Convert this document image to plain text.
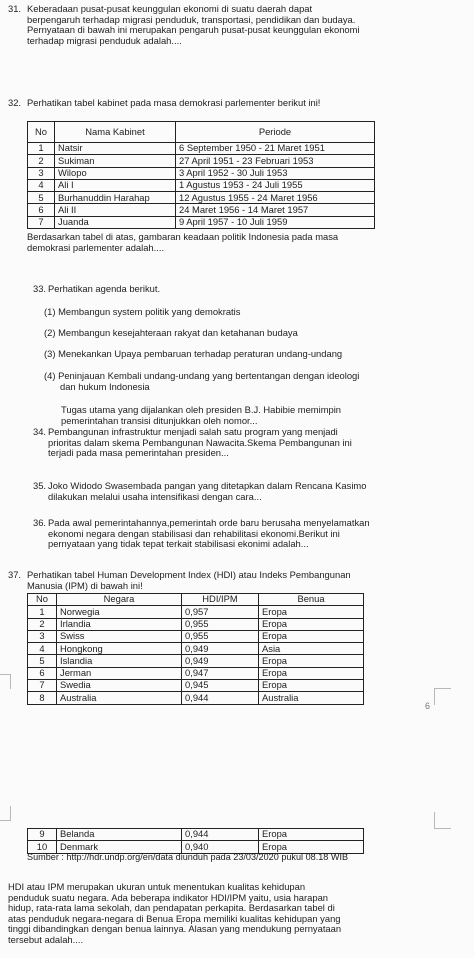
31. Keberadaan pusat-pusat keunggulan ekonomi di suatu daerah dapat
berpengaruh terhadap migrasi penduduk, transportasi, pendidikan dan budaya.
Pernyataan di bawah ini merupakan pengaruh pusat-pusat keunggulan ekonomi
terhadap migrasi penduduk adalah....
32. Perhatikan tabel kabinet pada masa demokrasi parlementer berikut ini!
No	Nama Kabinet	Periode
1	Natsir	6 September 1950 - 21 Maret 1951
2	Sukiman	27 April 1951 - 23 Februari 1953
3	Wilopo	3 April 1952 - 30 Juli 1953
4	Ali I	1 Agustus 1953 - 24 Juli 1955
5	Burhanuddin Harahap	12 Agustus 1955 - 24 Maret 1956
6	Ali II	24 Maret 1956 - 14 Maret 1957
7	Juanda	9 April 1957 - 10 Juli 1959
Berdasarkan tabel di atas, gambaran keadaan politik Indonesia pada masa
demokrasi parlementer adalah....
33. Perhatikan agenda berikut.
(1) Membangun system politik yang demokratis
(2) Membangun kesejahteraan rakyat dan ketahanan budaya
(3) Menekankan Upaya pembaruan terhadap peraturan undang-undang
(4) Peninjauan Kembali undang-undang yang bertentangan dengan ideologi
dan hukum Indonesia
Tugas utama yang dijalankan oleh presiden B.J. Habibie memimpin
pemerintahan transisi ditunjukkan oleh nomor...
34. Pembangunan infrastruktur menjadi salah satu program yang menjadi
prioritas dalam skema Pembangunan Nawacita.Skema Pembangunan ini
terjadi pada masa pemerintahan presiden...
35. Joko Widodo Swasembada pangan yang ditetapkan dalam Rencana Kasimo
dilakukan melalui usaha intensifikasi dengan cara...
36. Pada awal pemerintahannya,pemerintah orde baru berusaha menyelamatkan
ekonomi negara dengan stabilisasi dan rehabilitasi ekonomi.Berikut ini
pernyataan yang tidak tepat terkait stabilisasi ekonimi adalah...
37. Perhatikan tabel Human Development Index (HDI) atau Indeks Pembangunan
Manusia (IPM) di bawah ini!
No	Negara	HDI/IPM	Benua
1	Norwegia	0,957	Eropa
2	Irlandia	0,955	Eropa
3	Swiss	0,955	Eropa
4	Hongkong	0,949	Asia
5	Islandia	0,949	Eropa
6	Jerman	0,947	Eropa
7	Swedia	0,945	Eropa
8	Australia	0,944	Australia
6
9	Belanda	0,944	Eropa
10	Denmark	0,940	Eropa
Sumber : http://hdr.undp.org/en/data diunduh pada 23/03/2020 pukul 08.18 WIB
HDI atau IPM merupakan ukuran untuk menentukan kualitas kehidupan
penduduk suatu negara. Ada beberapa indikator HDI/IPM yaitu, usia harapan
hidup, rata-rata lama sekolah, dan pendapatan perkapita. Berdasarkan tabel di
atas penduduk negara-negara di Benua Eropa memiliki kualitas kehidupan yang
tinggi dibandingkan dengan benua lainnya. Alasan yang mendukung pernyataan
tersebut adalah....
